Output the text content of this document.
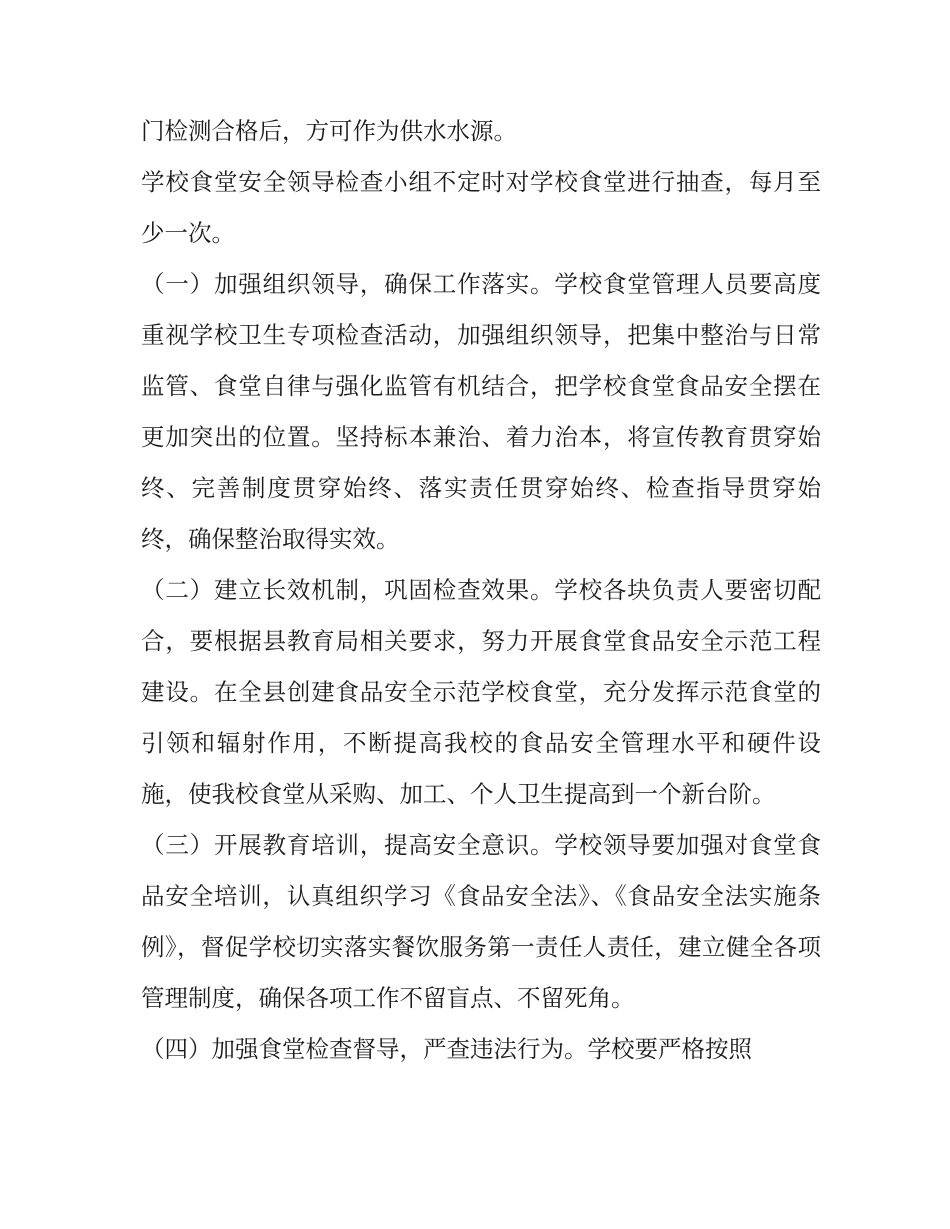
门检测合格后，方可作为供水水源。

学校食堂安全领导检查小组不定时对学校食堂进行抽查，每月至少一次。

（一）加强组织领导，确保工作落实。学校食堂管理人员要高度重视学校卫生专项检查活动，加强组织领导，把集中整治与日常监管、食堂自律与强化监管有机结合，把学校食堂食品安全摆在更加突出的位置。坚持标本兼治、着力治本，将宣传教育贯穿始终、完善制度贯穿始终、落实责任贯穿始终、检查指导贯穿始终，确保整治取得实效。

（二）建立长效机制，巩固检查效果。学校各块负责人要密切配合，要根据县教育局相关要求，努力开展食堂食品安全示范工程建设。在全县创建食品安全示范学校食堂，充分发挥示范食堂的引领和辐射作用，不断提高我校的食品安全管理水平和硬件设施，使我校食堂从采购、加工、个人卫生提高到一个新台阶。

（三）开展教育培训，提高安全意识。学校领导要加强对食堂食品安全培训，认真组织学习《食品安全法》、《食品安全法实施条例》，督促学校切实落实餐饮服务第一责任人责任，建立健全各项管理制度，确保各项工作不留盲点、不留死角。

（四）加强食堂检查督导，严查违法行为。学校要严格按照
